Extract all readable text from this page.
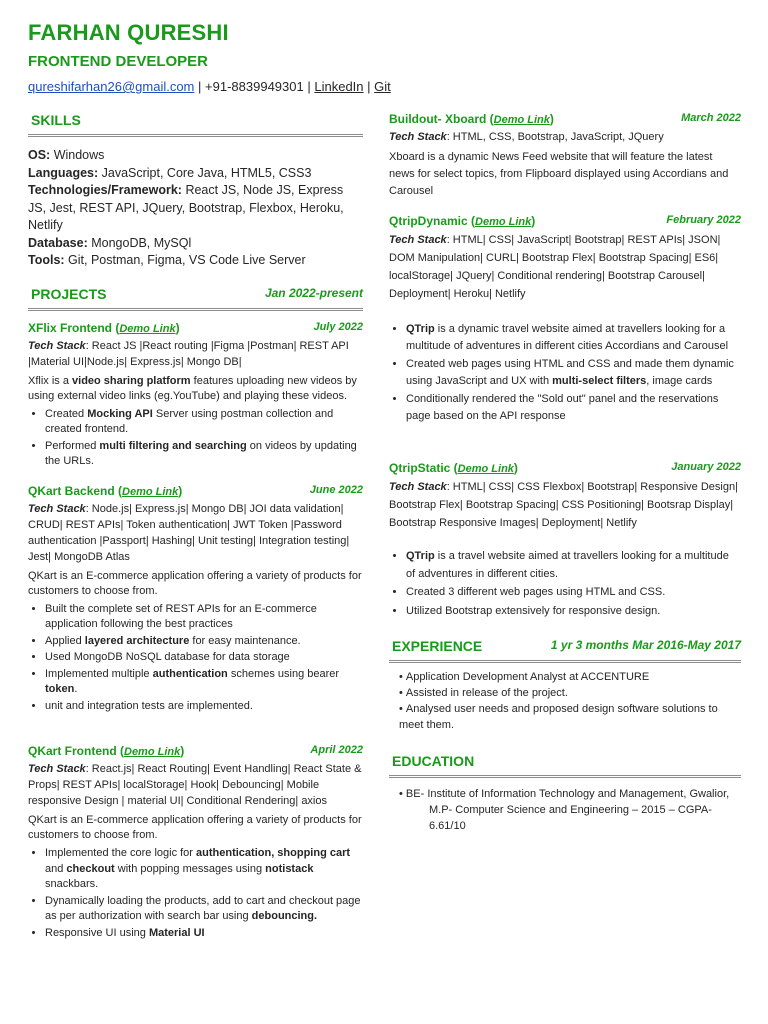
FARHAN QURESHI
FRONTEND DEVELOPER
qureshifarhan26@gmail.com | +91-8839949301 | LinkedIn | Git
SKILLS
OS: Windows
Languages: JavaScript, Core Java, HTML5, CSS3
Technologies/Framework: React JS, Node JS, Express JS, Jest, REST API, JQuery, Bootstrap, Flexbox, Heroku, Netlify
Database: MongoDB, MySQl
Tools: Git, Postman, Figma, VS Code Live Server
PROJECTS	Jan 2022-present
XFlix Frontend (Demo Link)	July 2022
Tech Stack: React JS |React routing |Figma |Postman| REST API |Material UI|Node.js| Express.js| Mongo DB|
Xflix is a video sharing platform features uploading new videos by using external video links (eg.YouTube) and playing these videos.
• Created Mocking API Server using postman collection and created frontend.
• Performed multi filtering and searching on videos by updating the URLs.
QKart Backend (Demo Link)	June 2022
Tech Stack: Node.js| Express.js| Mongo DB| JOI data validation| CRUD| REST APIs| Token authentication| JWT Token |Password authentication |Passport| Hashing| Unit testing| Integration testing| Jest| MongoDB Atlas
QKart is an E-commerce application offering a variety of products for customers to choose from.
• Built the complete set of REST APIs for an E-commerce application following the best practices
• Applied layered architecture for easy maintenance.
• Used MongoDB NoSQL database for data storage
• Implemented multiple authentication schemes using bearer token.
• unit and integration tests are implemented.
QKart Frontend (Demo Link)	April 2022
Tech Stack: React.js| React Routing| Event Handling| React State & Props| REST APIs| localStorage| Hook| Debouncing| Mobile responsive Design | material UI| Conditional Rendering| axios
QKart is an E-commerce application offering a variety of products for customers to choose from.
• Implemented the core logic for authentication, shopping cart and checkout with popping messages using notistack snackbars.
• Dynamically loading the products, add to cart and checkout page as per authorization with search bar using debouncing.
• Responsive UI using Material UI
Buildout- Xboard (Demo Link)	March 2022
Tech Stack: HTML, CSS, Bootstrap, JavaScript, JQuery
Xboard is a dynamic News Feed website that will feature the latest news for select topics, from Flipboard displayed using Accordians and Carousel
QtripDynamic (Demo Link)	February 2022
Tech Stack: HTML| CSS| JavaScript| Bootstrap| REST APIs| JSON| DOM Manipulation| CURL| Bootstrap Flex| Bootstrap Spacing| ES6| localStorage| JQuery| Conditional rendering| Bootstrap Carousel| Deployment| Heroku| Netlify
• QTrip is a dynamic travel website aimed at travellers looking for a multitude of adventures in different cities Accordians and Carousel
• Created web pages using HTML and CSS and made them dynamic using JavaScript and UX with multi-select filters, image cards
• Conditionally rendered the "Sold out" panel and the reservations page based on the API response
QtripStatic (Demo Link)	January 2022
Tech Stack: HTML| CSS| CSS Flexbox| Bootstrap| Responsive Design| Bootstrap Flex| Bootstrap Spacing| CSS Positioning| Bootsrap Display| Bootstrap Responsive Images| Deployment| Netlify
• QTrip is a travel website aimed at travellers looking for a multitude of adventures in different cities.
• Created 3 different web pages using HTML and CSS.
• Utilized Bootstrap extensively for responsive design.
EXPERIENCE	1 yr 3 months Mar 2016-May 2017
• Application Development Analyst at ACCENTURE
• Assisted in release of the project.
• Analysed user needs and proposed design software solutions to meet them.
EDUCATION
• BE- Institute of Information Technology and Management, Gwalior,
M.P- Computer Science and Engineering – 2015 – CGPA-
6.61/10
